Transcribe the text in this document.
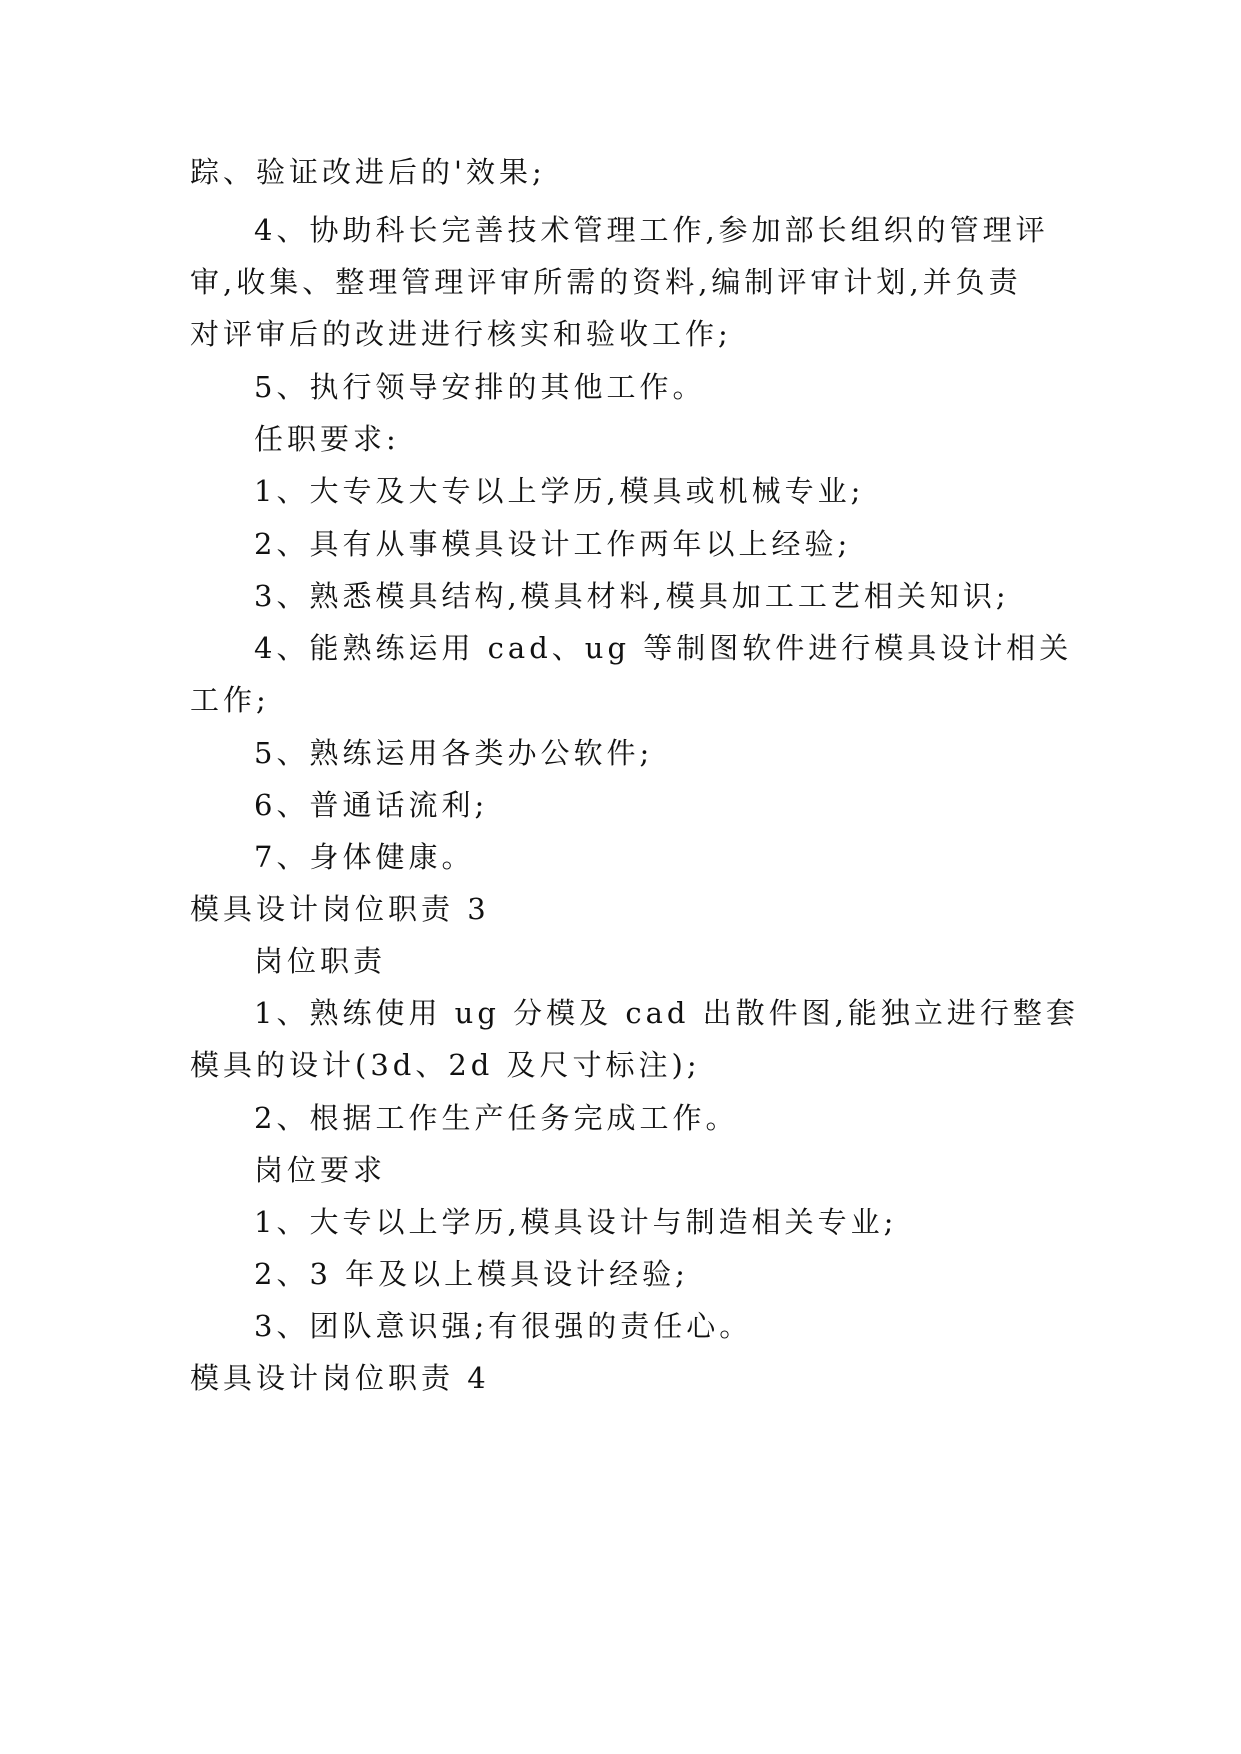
踪、验证改进后的'效果;
4、协助科长完善技术管理工作,参加部长组织的管理评
审,收集、整理管理评审所需的资料,编制评审计划,并负责
对评审后的改进进行核实和验收工作;
5、执行领导安排的其他工作。
任职要求:
1、大专及大专以上学历,模具或机械专业;
2、具有从事模具设计工作两年以上经验;
3、熟悉模具结构,模具材料,模具加工工艺相关知识;
4、能熟练运用 cad、ug 等制图软件进行模具设计相关
工作;
5、熟练运用各类办公软件;
6、普通话流利;
7、身体健康。
模具设计岗位职责 3
岗位职责
1、熟练使用 ug 分模及 cad 出散件图,能独立进行整套
模具的设计(3d、2d 及尺寸标注);
2、根据工作生产任务完成工作。
岗位要求
1、大专以上学历,模具设计与制造相关专业;
2、3 年及以上模具设计经验;
3、团队意识强;有很强的责任心。
模具设计岗位职责 4
